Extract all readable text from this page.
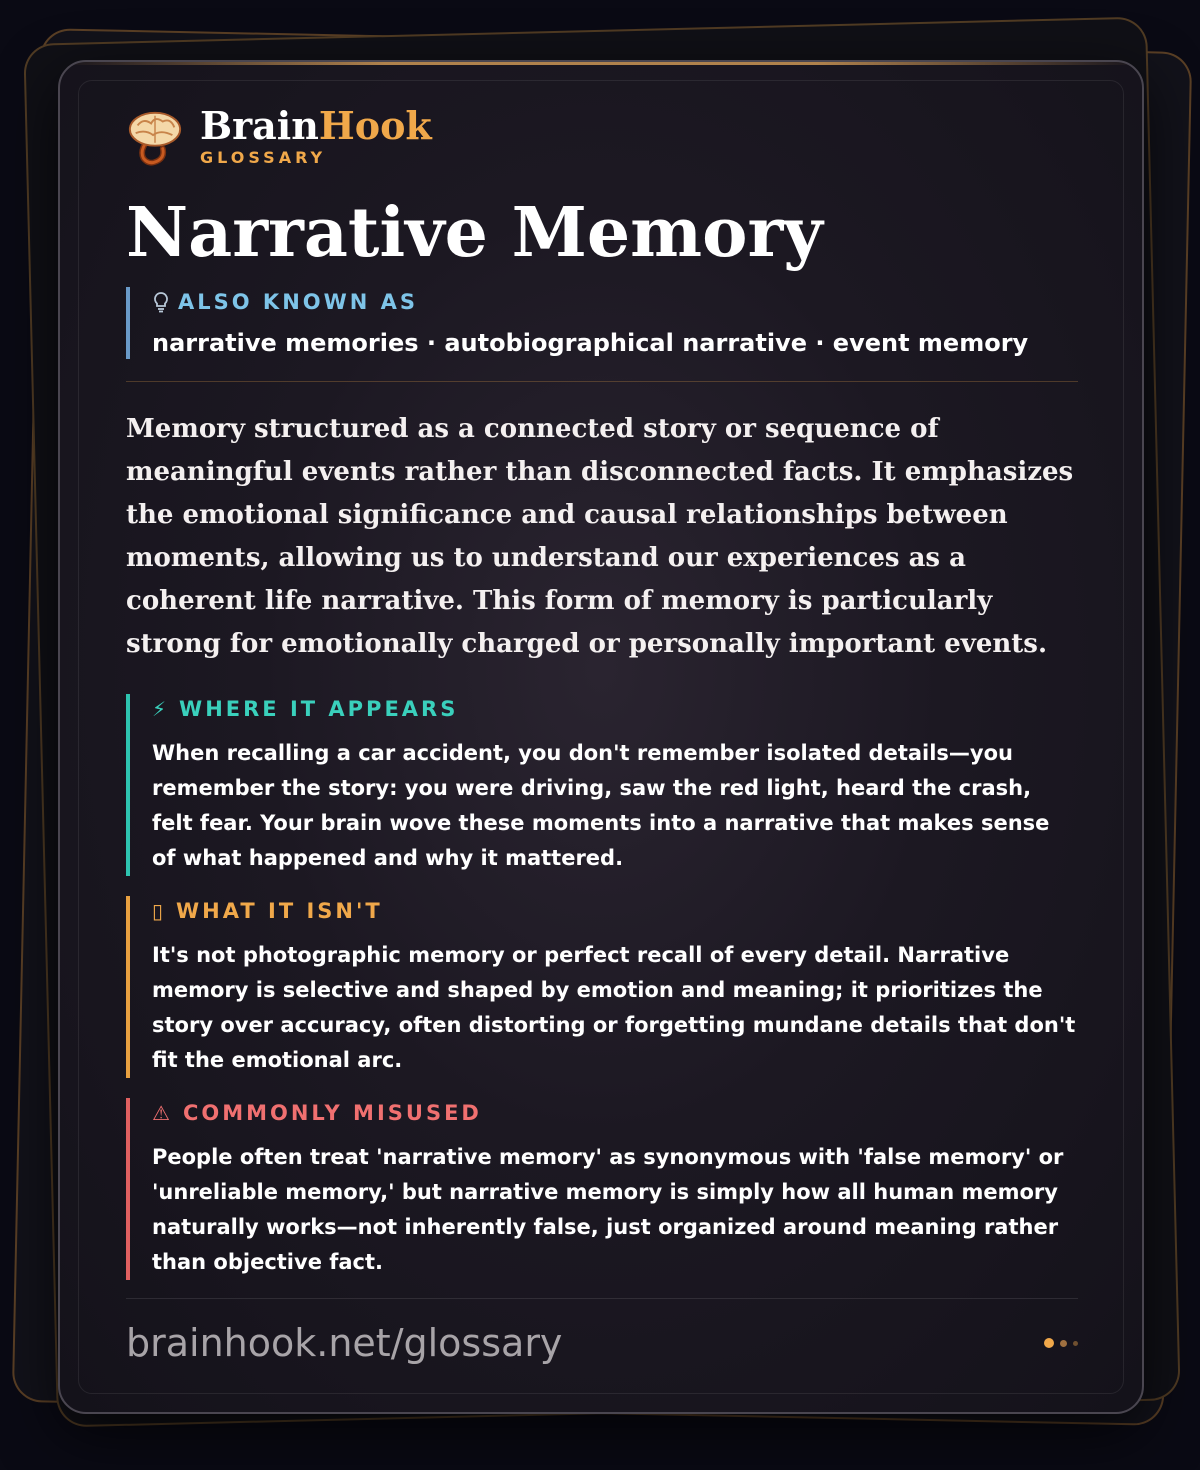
BrainHook
GLOSSARY
Narrative Memory
ALSO KNOWN AS
narrative memories · autobiographical narrative · event memory

Memory structured as a connected story or sequence of meaningful events rather than disconnected facts. It emphasizes the emotional significance and causal relationships between moments, allowing us to understand our experiences as a coherent life narrative. This form of memory is particularly strong for emotionally charged or personally important events.

⚡ WHERE IT APPEARS
When recalling a car accident, you don't remember isolated details—you remember the story: you were driving, saw the red light, heard the crash, felt fear. Your brain wove these moments into a narrative that makes sense of what happened and why it mattered.
▯ WHAT IT ISN'T
It's not photographic memory or perfect recall of every detail. Narrative memory is selective and shaped by emotion and meaning; it prioritizes the story over accuracy, often distorting or forgetting mundane details that don't fit the emotional arc.
⚠ COMMONLY MISUSED
People often treat 'narrative memory' as synonymous with 'false memory' or 'unreliable memory,' but narrative memory is simply how all human memory naturally works—not inherently false, just organized around meaning rather than objective fact.
brainhook.net/glossary
